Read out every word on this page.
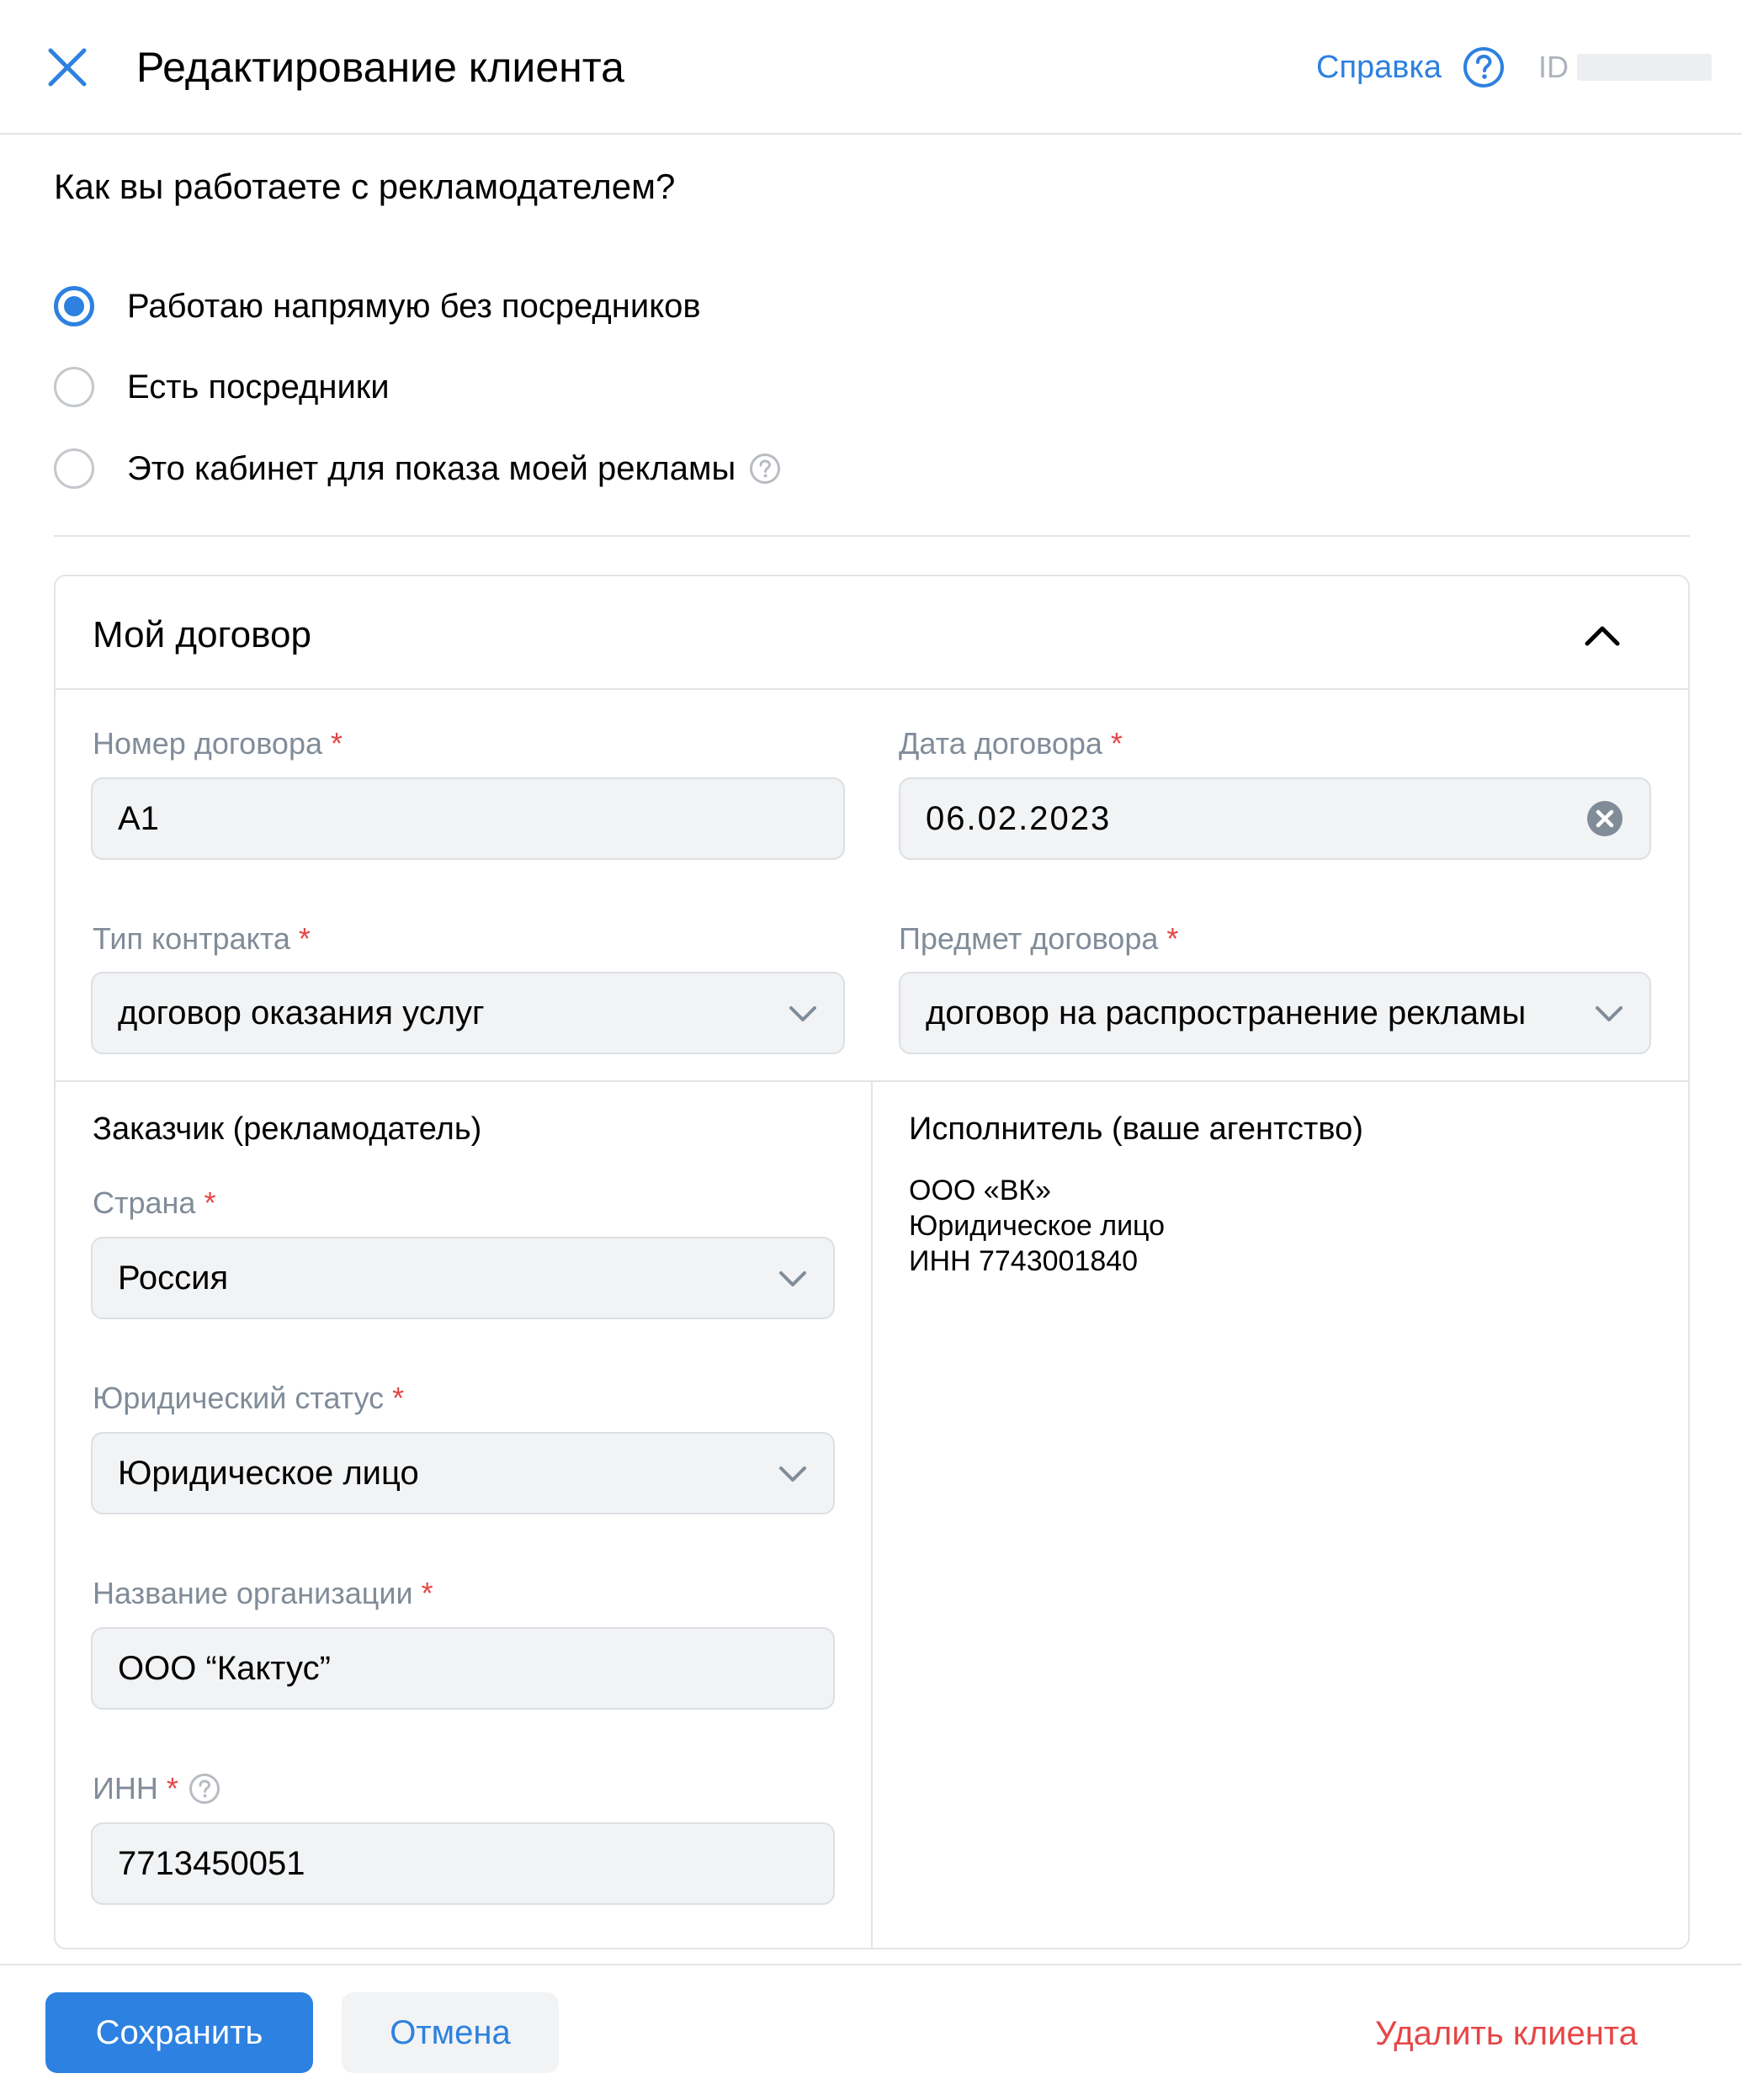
Редактирование клиента	Справка	ID
Как вы работаете с рекламодателем?
Работаю напрямую без посредников
Есть посредники
Это кабинет для показа моей рекламы
Мой договор
Номер договора *
A1
Дата договора *
06.02.2023
Тип контракта *
договор оказания услуг
Предмет договора *
договор на распространение рекламы
Заказчик (рекламодатель)
Страна *
Россия
Юридический статус *
Юридическое лицо
Название организации *
ООО “Кактус”
ИНН *
7713450051
Исполнитель (ваше агентство)
ООО «ВК»
Юридическое лицо
ИНН 7743001840
Сохранить	Отмена	Удалить клиента
